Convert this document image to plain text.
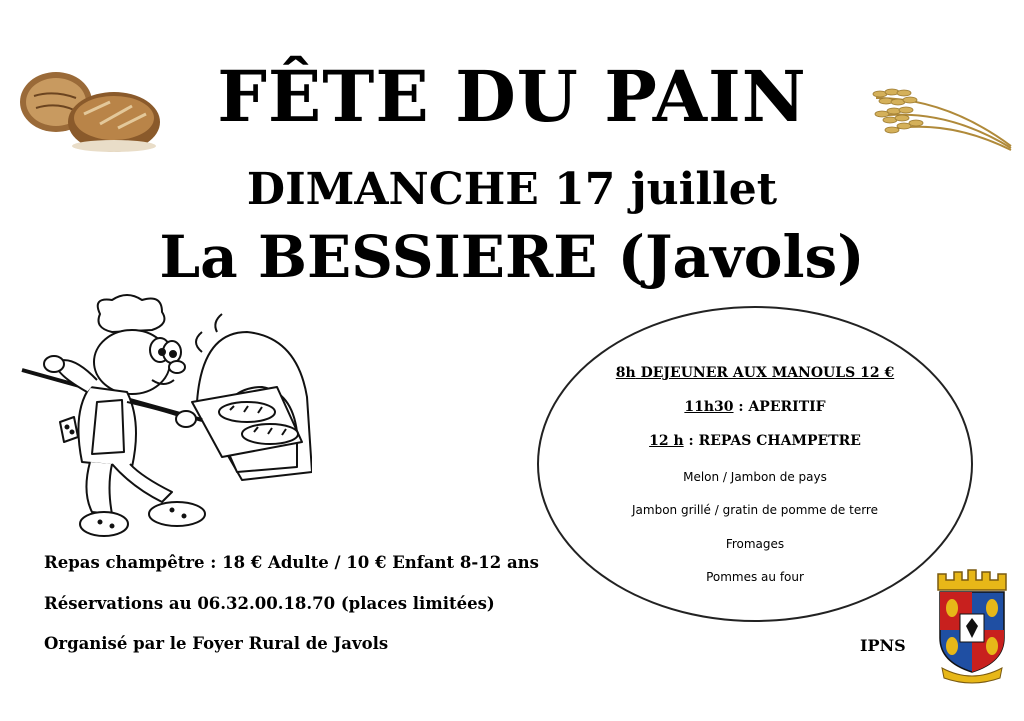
FÊTE DU PAIN
DIMANCHE 17 juillet
La BESSIERE (Javols)
8h DEJEUNER AUX MANOULS 12 €
11h30 : APERITIF
12 h : REPAS CHAMPETRE
Melon / Jambon de pays
Jambon grillé / gratin de pomme de terre
Fromages
Pommes au four
Repas champêtre : 18 € Adulte / 10 € Enfant 8-12 ans
Réservations au 06.32.00.18.70 (places limitées)
Organisé par le Foyer Rural de Javols	IPNS
